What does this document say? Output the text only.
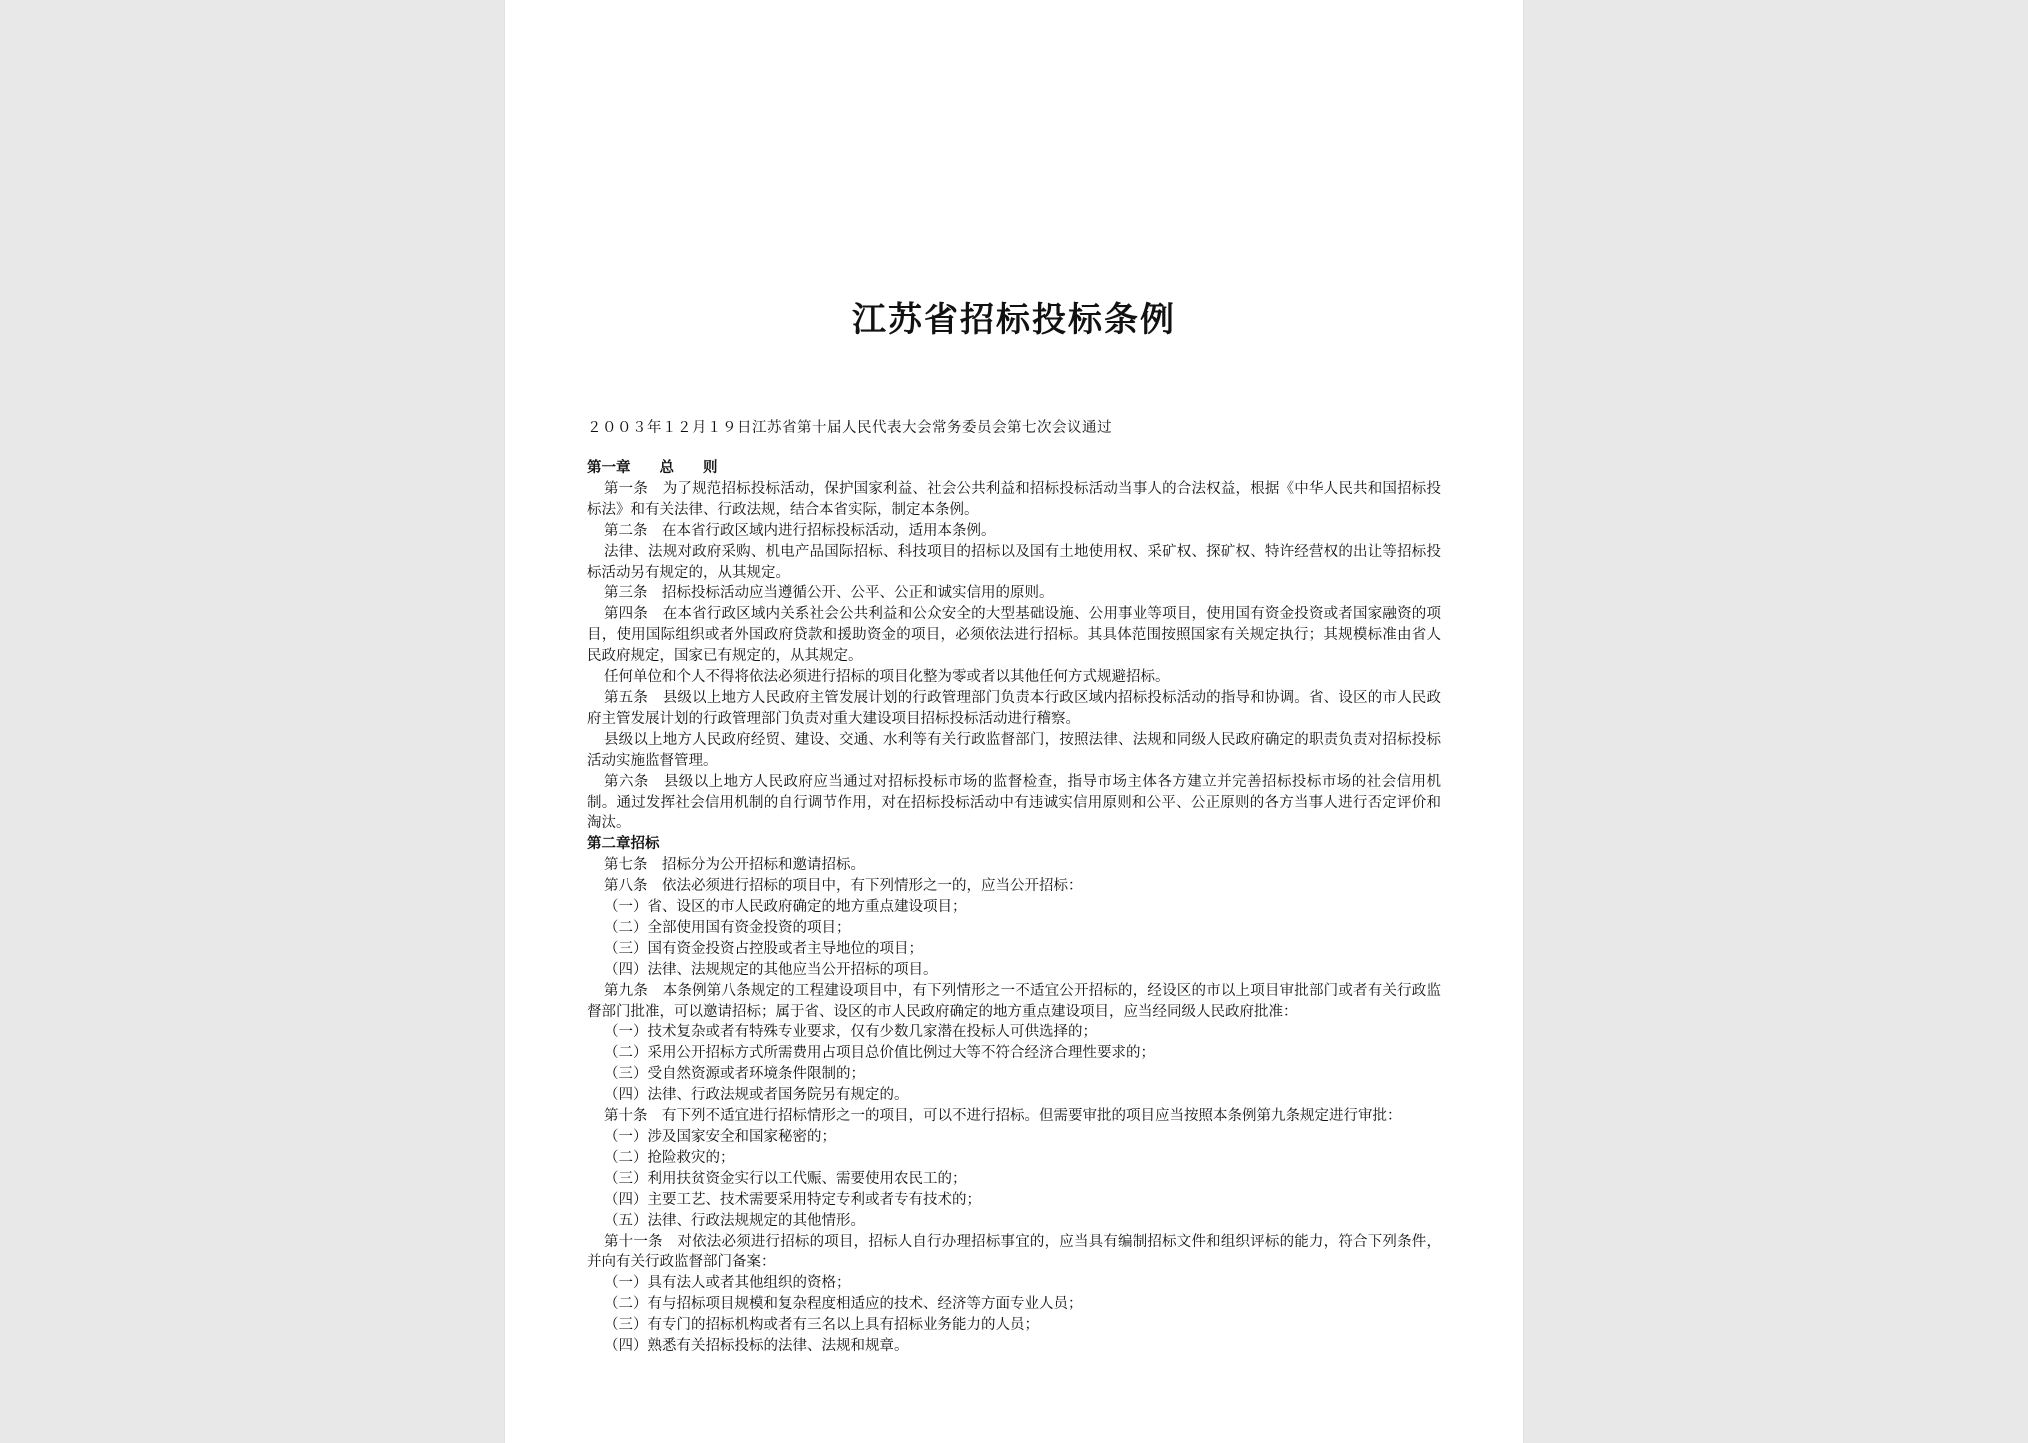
江苏省招标投标条例
２００３年１２月１９日江苏省第十届人民代表大会常务委员会第七次会议通过

第一章　　总　　则

第一条　为了规范招标投标活动，保护国家利益、社会公共利益和招标投标活动当事人的合法权益，根据《中华人民共和国招标投标法》和有关法律、行政法规，结合本省实际，制定本条例。

第二条　在本省行政区域内进行招标投标活动，适用本条例。

法律、法规对政府采购、机电产品国际招标、科技项目的招标以及国有土地使用权、采矿权、探矿权、特许经营权的出让等招标投标活动另有规定的，从其规定。

第三条　招标投标活动应当遵循公开、公平、公正和诚实信用的原则。

第四条　在本省行政区域内关系社会公共利益和公众安全的大型基础设施、公用事业等项目，使用国有资金投资或者国家融资的项目，使用国际组织或者外国政府贷款和援助资金的项目，必须依法进行招标。其具体范围按照国家有关规定执行；其规模标准由省人民政府规定，国家已有规定的，从其规定。

任何单位和个人不得将依法必须进行招标的项目化整为零或者以其他任何方式规避招标。

第五条　县级以上地方人民政府主管发展计划的行政管理部门负责本行政区域内招标投标活动的指导和协调。省、设区的市人民政府主管发展计划的行政管理部门负责对重大建设项目招标投标活动进行稽察。

县级以上地方人民政府经贸、建设、交通、水利等有关行政监督部门，按照法律、法规和同级人民政府确定的职责负责对招标投标活动实施监督管理。

第六条　县级以上地方人民政府应当通过对招标投标市场的监督检查，指导市场主体各方建立并完善招标投标市场的社会信用机制。通过发挥社会信用机制的自行调节作用，对在招标投标活动中有违诚实信用原则和公平、公正原则的各方当事人进行否定评价和淘汰。

第二章招标

第七条　招标分为公开招标和邀请招标。

第八条　依法必须进行招标的项目中，有下列情形之一的，应当公开招标：

（一）省、设区的市人民政府确定的地方重点建设项目；

（二）全部使用国有资金投资的项目；

（三）国有资金投资占控股或者主导地位的项目；

（四）法律、法规规定的其他应当公开招标的项目。

第九条　本条例第八条规定的工程建设项目中，有下列情形之一不适宜公开招标的，经设区的市以上项目审批部门或者有关行政监督部门批准，可以邀请招标；属于省、设区的市人民政府确定的地方重点建设项目，应当经同级人民政府批准：

（一）技术复杂或者有特殊专业要求，仅有少数几家潜在投标人可供选择的；

（二）采用公开招标方式所需费用占项目总价值比例过大等不符合经济合理性要求的；

（三）受自然资源或者环境条件限制的；

（四）法律、行政法规或者国务院另有规定的。

第十条　有下列不适宜进行招标情形之一的项目，可以不进行招标。但需要审批的项目应当按照本条例第九条规定进行审批：

（一）涉及国家安全和国家秘密的；

（二）抢险救灾的；

（三）利用扶贫资金实行以工代赈、需要使用农民工的；

（四）主要工艺、技术需要采用特定专利或者专有技术的；

（五）法律、行政法规规定的其他情形。

第十一条　对依法必须进行招标的项目，招标人自行办理招标事宜的，应当具有编制招标文件和组织评标的能力，符合下列条件，并向有关行政监督部门备案：

（一）具有法人或者其他组织的资格；

（二）有与招标项目规模和复杂程度相适应的技术、经济等方面专业人员；

（三）有专门的招标机构或者有三名以上具有招标业务能力的人员；

（四）熟悉有关招标投标的法律、法规和规章。
